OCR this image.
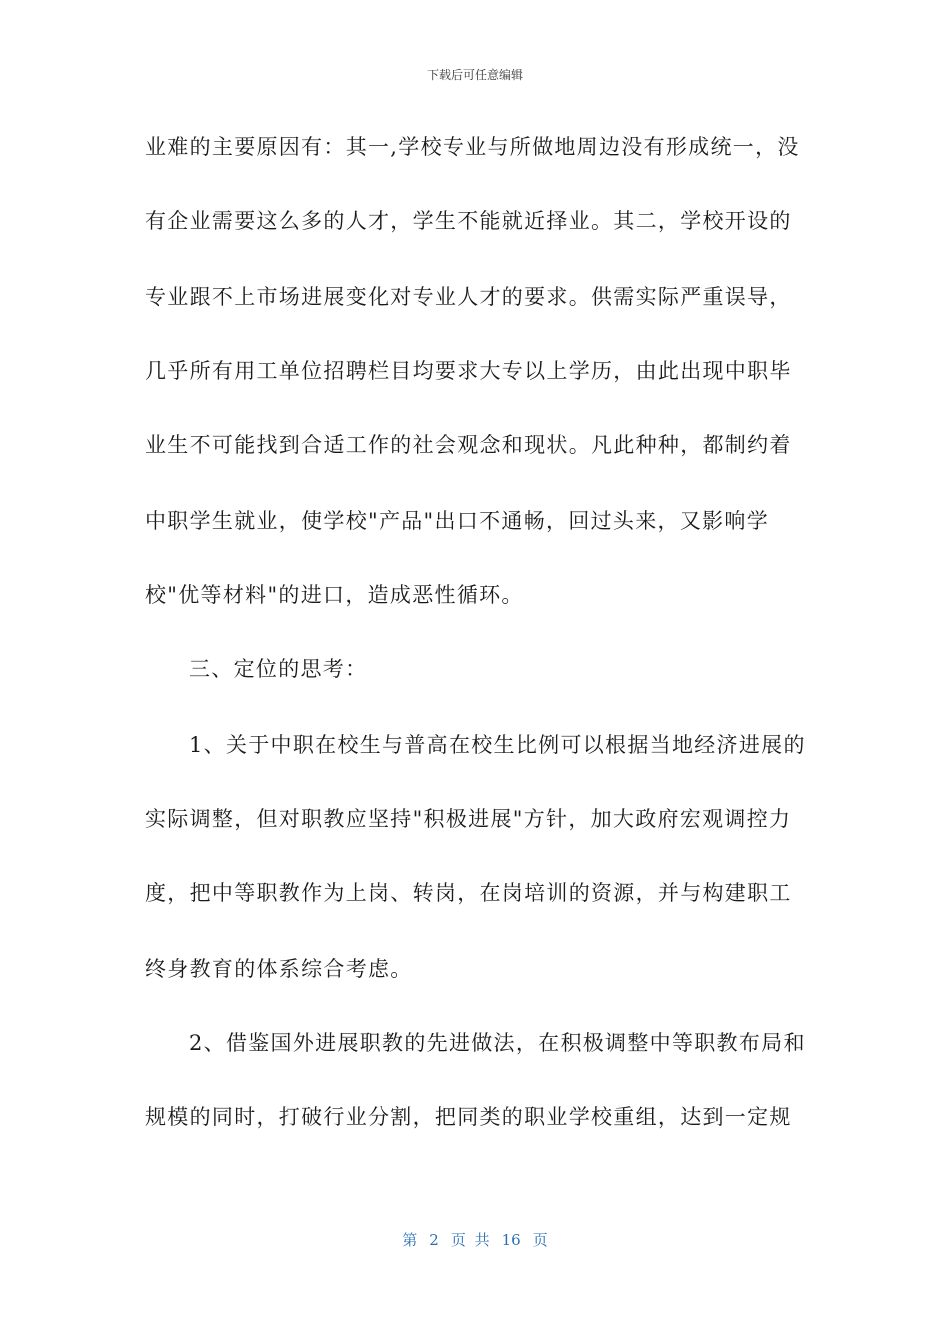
下载后可任意编辑
业难的主要原因有：其一,学校专业与所做地周边没有形成统一，没
有企业需要这么多的人才，学生不能就近择业。其二，学校开设的
专业跟不上市场进展变化对专业人才的要求。供需实际严重误导，
几乎所有用工单位招聘栏目均要求大专以上学历，由此出现中职毕
业生不可能找到合适工作的社会观念和现状。凡此种种，都制约着
中职学生就业，使学校"产品"出口不通畅，回过头来，又影响学
校"优等材料"的进口，造成恶性循环。
三、定位的思考：
1、关于中职在校生与普高在校生比例可以根据当地经济进展的
实际调整，但对职教应坚持"积极进展"方针，加大政府宏观调控力
度，把中等职教作为上岗、转岗，在岗培训的资源，并与构建职工
终身教育的体系综合考虑。
2、借鉴国外进展职教的先进做法，在积极调整中等职教布局和
规模的同时，打破行业分割，把同类的职业学校重组，达到一定规
第 2 页 共 16 页
